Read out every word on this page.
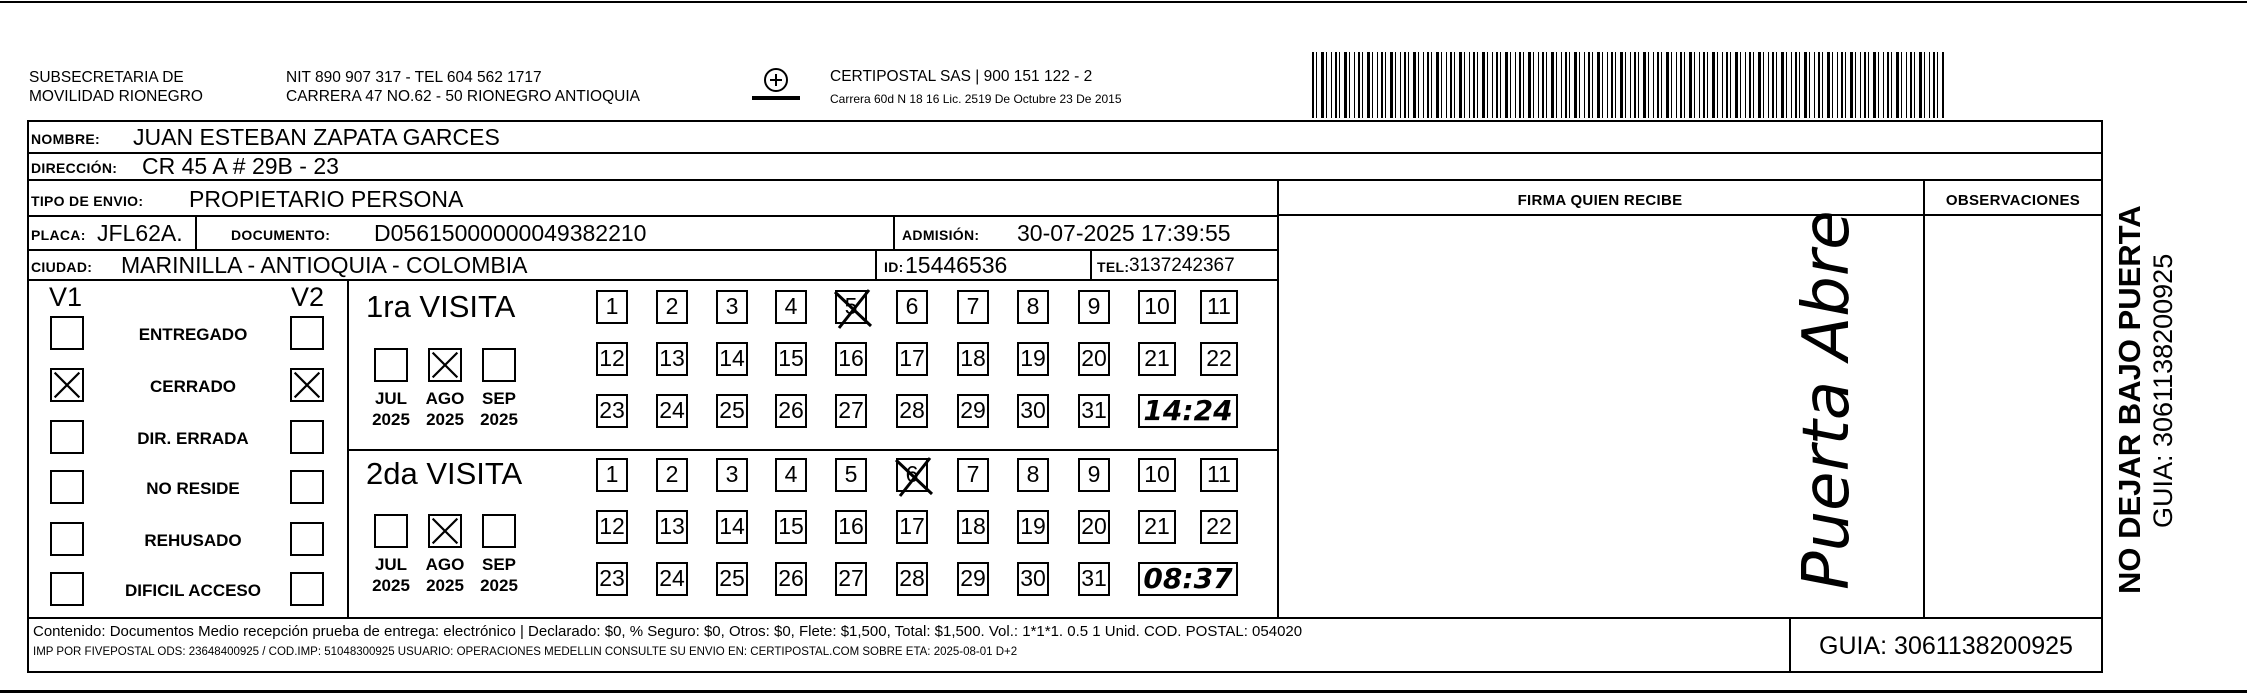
SUBSECRETARIA DE
MOVILIDAD RIONEGRO
NIT 890 907 317 - TEL 604 562 1717
CARRERA 47 NO.62 - 50 RIONEGRO ANTIOQUIA
CERTIPOSTAL SAS | 900 151 122 - 2
Carrera 60d N 18 16 Lic. 2519 De Octubre 23 De 2015
NOMBRE: JUAN ESTEBAN ZAPATA GARCES
DIRECCIÓN: CR 45 A # 29B - 23
TIPO DE ENVIO: PROPIETARIO PERSONA
PLACA: JFL62A.	DOCUMENTO: D05615000000049382210	ADMISIÓN: 30-07-2025 17:39:55
CIUDAD: MARINILLA - ANTIOQUIA - COLOMBIA	ID: 15446536	TEL: 3137242367
FIRMA QUIEN RECIBE	OBSERVACIONES
Puerta Abre
V1	V2
ENTREGADO
CERRADO
DIR. ERRADA
NO RESIDE
REHUSADO
DIFICIL ACCESO
1ra VISITA
2da VISITA
JUL
2025
AGO
2025
SEP
2025
JUL
2025
AGO
2025
SEP
2025
1	2	3	4	5	6	7	8	9	10	11
12 13 14 15 16 17 18 19 20 21 22
23 24 25 26 27 28 29 30 31 14:24
1	2	3	4	5	6	7	8	9	10	11
12 13 14 15 16 17 18 19 20 21 22
23 24 25 26 27 28 29 30 31 08:37	NO DEJAR BAJO PUERTA GUIA: 3061138200925
Contenido: Documentos Medio recepción prueba de entrega: electrónico | Declarado: $0, % Seguro: $0, Otros: $0, Flete: $1,500, Total: $1,500. Vol.: 1*1*1. 0.5 1 Unid. COD. POSTAL: 054020
IMP POR FIVEPOSTAL ODS: 23648400925 / COD.IMP: 51048300925 USUARIO: OPERACIONES MEDELLIN CONSULTE SU ENVIO EN: CERTIPOSTAL.COM SOBRE ETA: 2025-08-01 D+2	GUIA: 3061138200925
